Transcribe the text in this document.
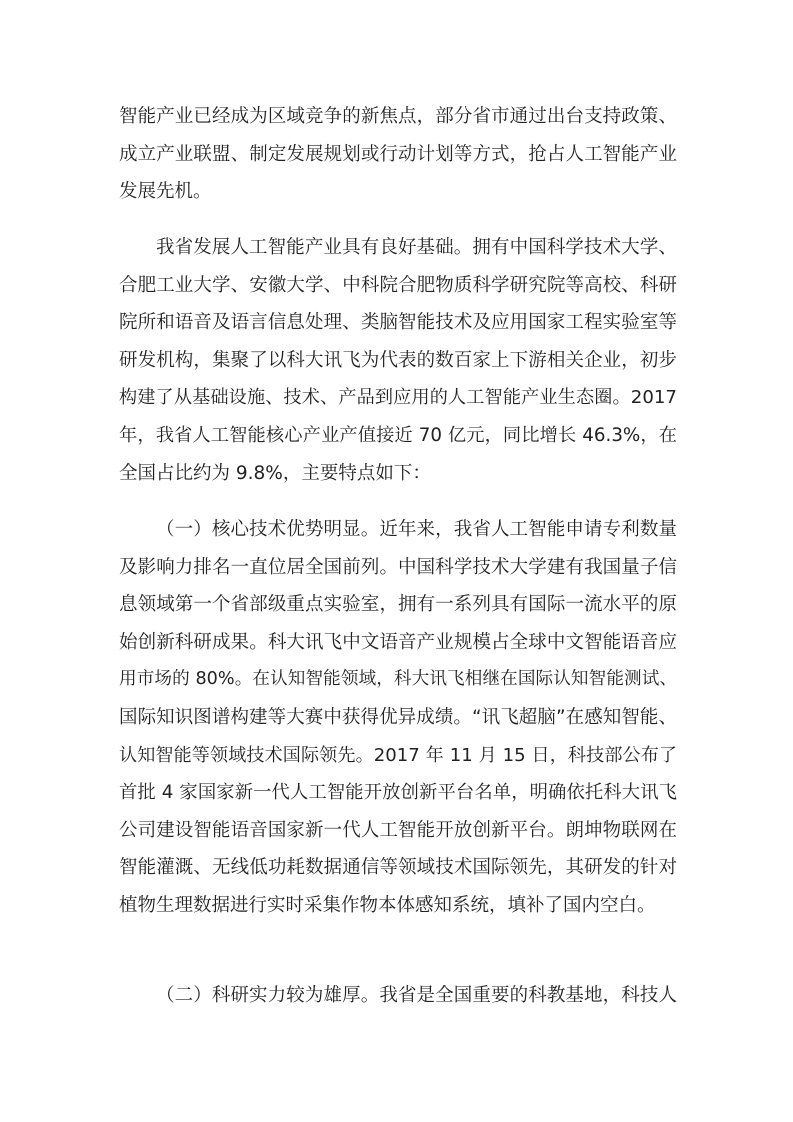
智能产业已经成为区域竞争的新焦点，部分省市通过出台支持政策、
成立产业联盟、制定发展规划或行动计划等方式，抢占人工智能产业
发展先机。
我省发展人工智能产业具有良好基础。拥有中国科学技术大学、
合肥工业大学、安徽大学、中科院合肥物质科学研究院等高校、科研
院所和语音及语言信息处理、类脑智能技术及应用国家工程实验室等
研发机构，集聚了以科大讯飞为代表的数百家上下游相关企业，初步
构建了从基础设施、技术、产品到应用的人工智能产业生态圈。2017
年，我省人工智能核心产业产值接近 70 亿元，同比增长 46.3%，在
全国占比约为 9.8%，主要特点如下：
（一）核心技术优势明显。近年来，我省人工智能申请专利数量
及影响力排名一直位居全国前列。中国科学技术大学建有我国量子信
息领域第一个省部级重点实验室，拥有一系列具有国际一流水平的原
始创新科研成果。科大讯飞中文语音产业规模占全球中文智能语音应
用市场的 80%。在认知智能领域，科大讯飞相继在国际认知智能测试、
国际知识图谱构建等大赛中获得优异成绩。“讯飞超脑”在感知智能、
认知智能等领域技术国际领先。2017 年 11 月 15 日，科技部公布了
首批 4 家国家新一代人工智能开放创新平台名单，明确依托科大讯飞
公司建设智能语音国家新一代人工智能开放创新平台。朗坤物联网在
智能灌溉、无线低功耗数据通信等领域技术国际领先，其研发的针对
植物生理数据进行实时采集作物本体感知系统，填补了国内空白。
（二）科研实力较为雄厚。我省是全国重要的科教基地，科技人
